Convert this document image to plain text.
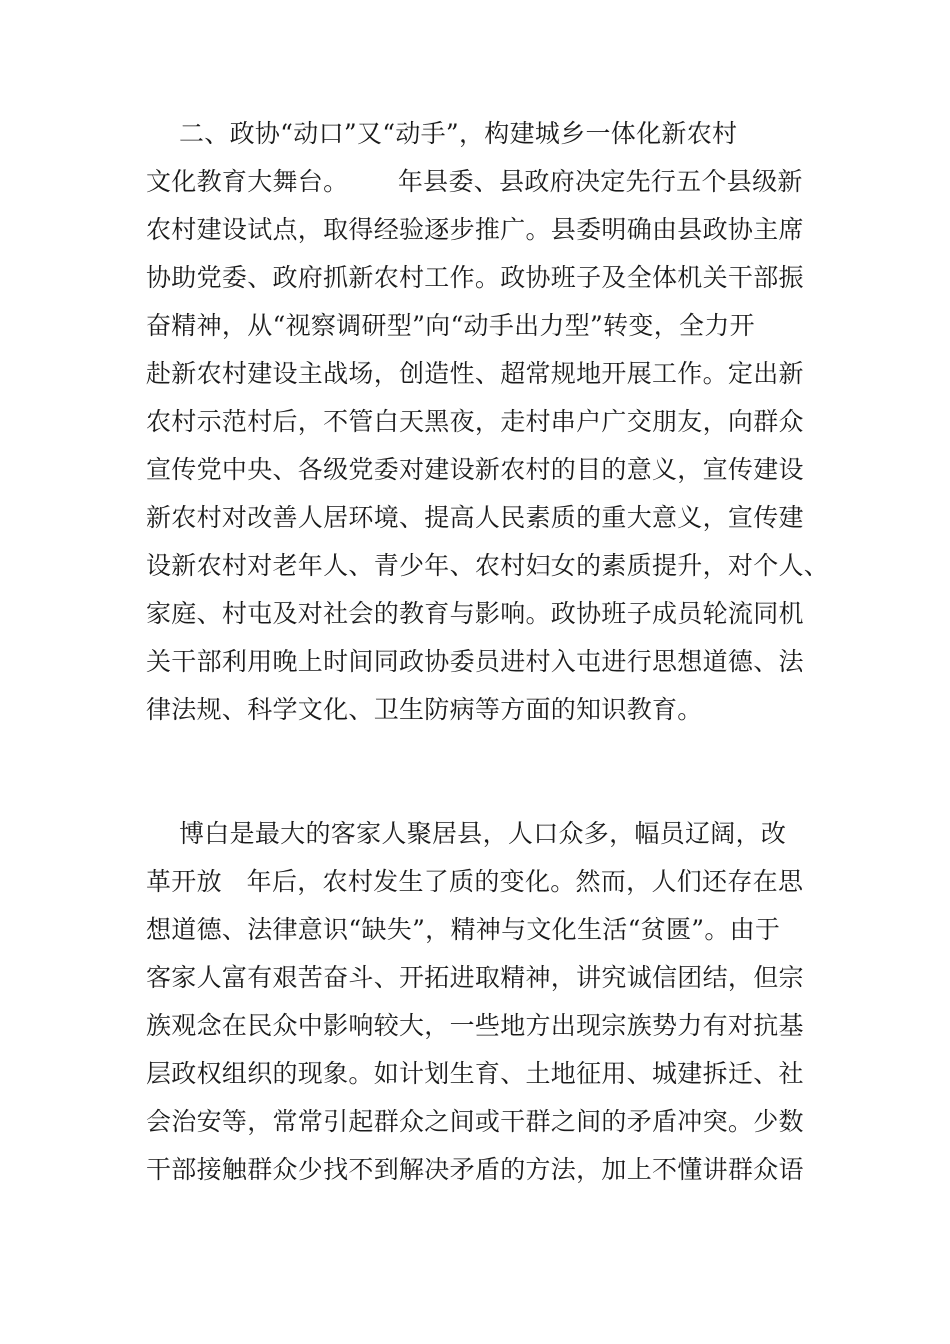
二、政协“动口”又“动手”，构建城乡一体化新农村
文化教育大舞台。      年县委、县政府决定先行五个县级新
农村建设试点，取得经验逐步推广。县委明确由县政协主席
协助党委、政府抓新农村工作。政协班子及全体机关干部振
奋精神，从“视察调研型”向“动手出力型”转变，全力开
赴新农村建设主战场，创造性、超常规地开展工作。定出新
农村示范村后，不管白天黑夜，走村串户广交朋友，向群众
宣传党中央、各级党委对建设新农村的目的意义，宣传建设
新农村对改善人居环境、提高人民素质的重大意义，宣传建
设新农村对老年人、青少年、农村妇女的素质提升，对个人、
家庭、村屯及对社会的教育与影响。政协班子成员轮流同机
关干部利用晚上时间同政协委员进村入屯进行思想道德、法
律法规、科学文化、卫生防病等方面的知识教育。
博白是最大的客家人聚居县，人口众多，幅员辽阔，改
革开放   年后，农村发生了质的变化。然而，人们还存在思
想道德、法律意识“缺失”，精神与文化生活“贫匮”。由于
客家人富有艰苦奋斗、开拓进取精神，讲究诚信团结，但宗
族观念在民众中影响较大，一些地方出现宗族势力有对抗基
层政权组织的现象。如计划生育、土地征用、城建拆迁、社
会治安等，常常引起群众之间或干群之间的矛盾冲突。少数
干部接触群众少找不到解决矛盾的方法，加上不懂讲群众语
